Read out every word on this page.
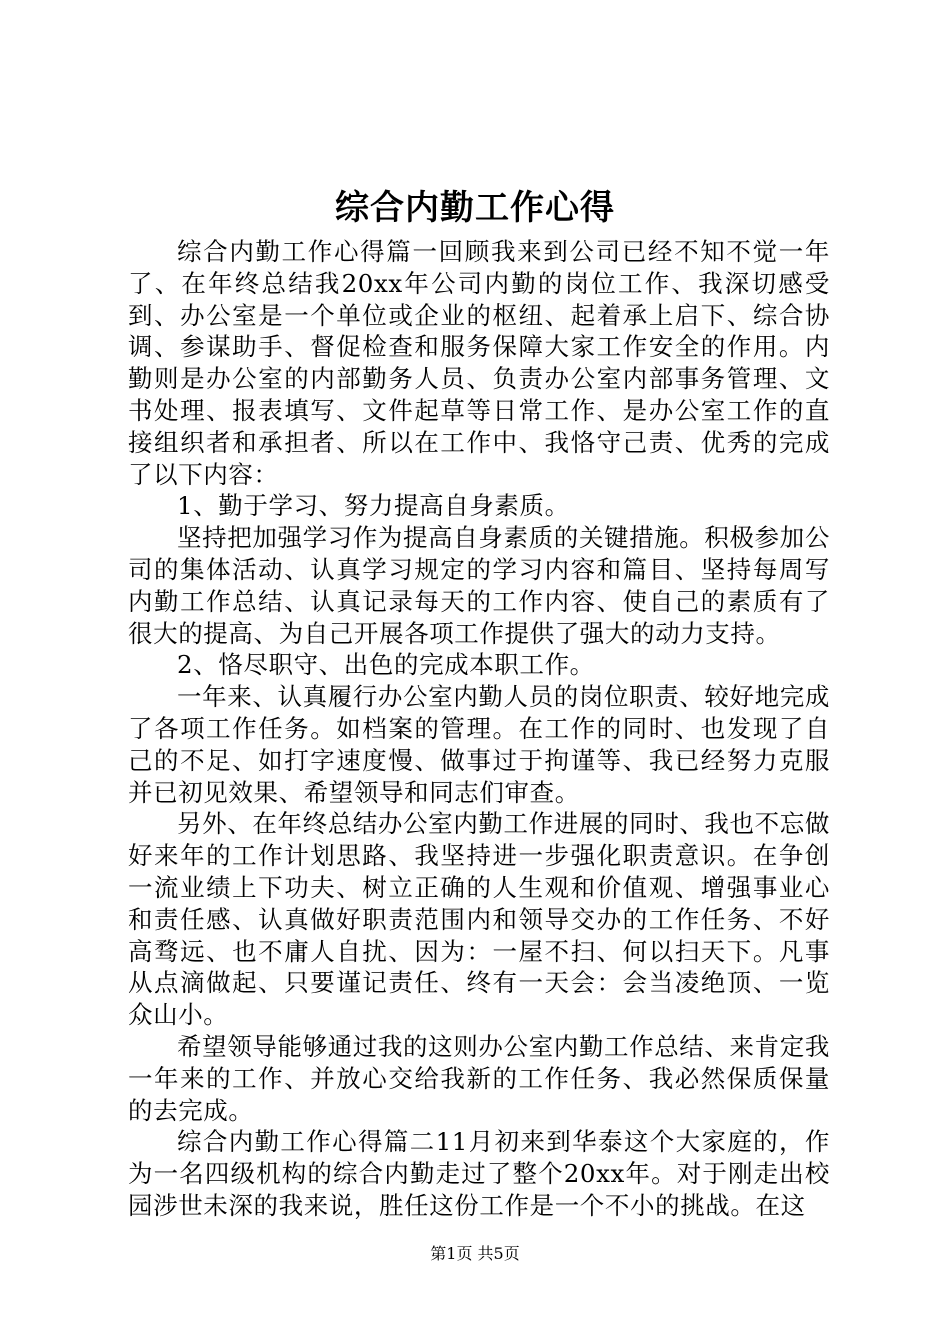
综合内勤工作心得

综合内勤工作心得篇一回顾我来到公司已经不知不觉一年了、在年终总结我20xx年公司内勤的岗位工作、我深切感受到、办公室是一个单位或企业的枢纽、起着承上启下、综合协调、参谋助手、督促检查和服务保障大家工作安全的作用。内勤则是办公室的内部勤务人员、负责办公室内部事务管理、文书处理、报表填写、文件起草等日常工作、是办公室工作的直接组织者和承担者、所以在工作中、我恪守己责、优秀的完成了以下内容：

1、勤于学习、努力提高自身素质。

坚持把加强学习作为提高自身素质的关键措施。积极参加公司的集体活动、认真学习规定的学习内容和篇目、坚持每周写内勤工作总结、认真记录每天的工作内容、使自己的素质有了很大的提高、为自己开展各项工作提供了强大的动力支持。

2、恪尽职守、出色的完成本职工作。

一年来、认真履行办公室内勤人员的岗位职责、较好地完成了各项工作任务。如档案的管理。在工作的同时、也发现了自己的不足、如打字速度慢、做事过于拘谨等、我已经努力克服并已初见效果、希望领导和同志们审查。

另外、在年终总结办公室内勤工作进展的同时、我也不忘做好来年的工作计划思路、我坚持进一步强化职责意识。在争创一流业绩上下功夫、树立正确的人生观和价值观、增强事业心和责任感、认真做好职责范围内和领导交办的工作任务、不好高骛远、也不庸人自扰、因为：一屋不扫、何以扫天下。凡事从点滴做起、只要谨记责任、终有一天会：会当凌绝顶、一览众山小。

希望领导能够通过我的这则办公室内勤工作总结、来肯定我一年来的工作、并放心交给我新的工作任务、我必然保质保量的去完成。

综合内勤工作心得篇二11月初来到华泰这个大家庭的，作为一名四级机构的综合内勤走过了整个20xx年。对于刚走出校园涉世未深的我来说，胜任这份工作是一个不小的挑战。在这

第1页 共5页
